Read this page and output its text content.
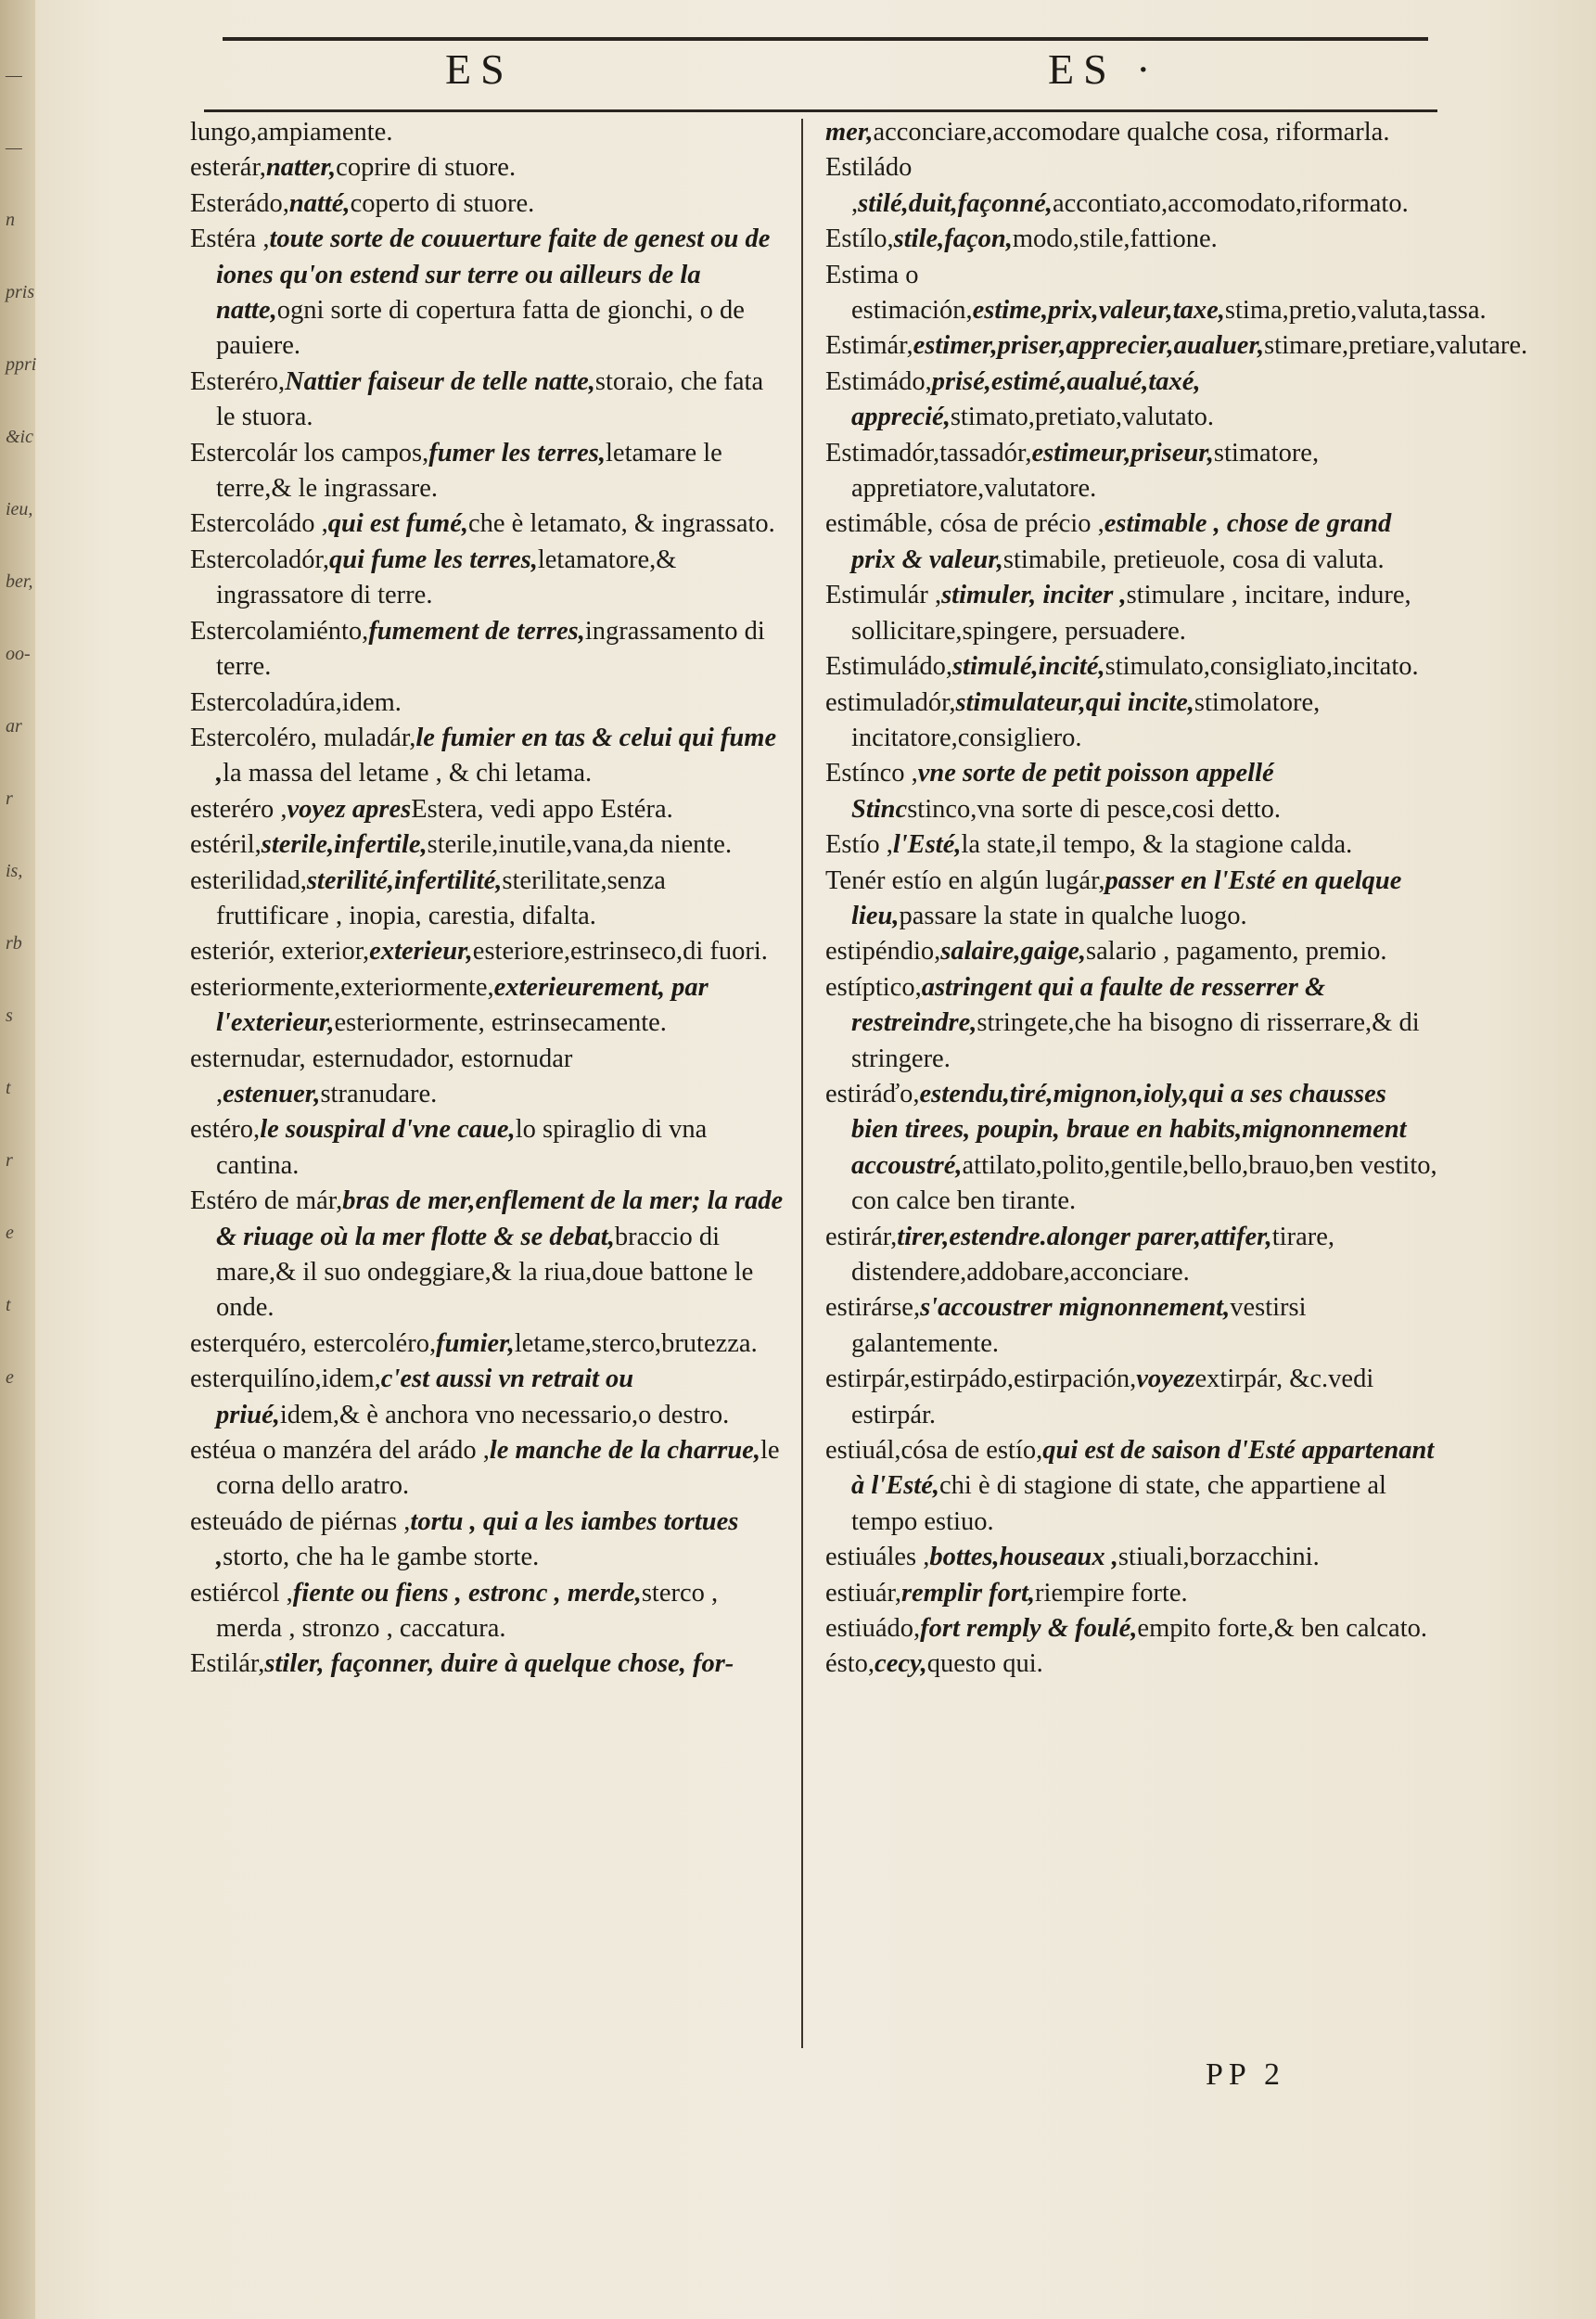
—
—
n
pris
ppri
&ic
ieu,
ber,
oo-
ar
r
is,
rb
s
t
r
e
t
e
ES	ES ·

lungo,ampiamente.

esterár,natter,coprire di stuore.

Esterádo,natté,coperto di stuore.

Estéra ,toute sorte de couuerture faite de genest ou de iones qu'on estend sur terre ou ailleurs de la natte,ogni sorte di copertura fatta de gionchi, o de pauiere.

Esteréro,Nattier faiseur de telle natte,storaio, che fata le stuora.

Estercolár los campos,fumer les terres,letamare le terre,& le ingrassare.

Estercoládo ,qui est fumé,che è letamato, & ingrassato.

Estercoladór,qui fume les terres,letamatore,& ingrassatore di terre.

Estercolamiénto,fumement de terres,ingrassamento di terre.

Estercoladúra,idem.

Estercoléro, muladár,le fumier en tas & celui qui fume ,la massa del letame , & chi letama.

esteréro ,voyez apresEstera, vedi appo Estéra.

estéril,sterile,infertile,sterile,inutile,vana,da niente.

esterilidad,sterilité,infertilité,sterilitate,senza fruttificare , inopia, carestia, difalta.

esteriór, exterior,exterieur,esteriore,estrinseco,di fuori.

esteriormente,exteriormente,exterieurement, par l'exterieur,esteriormente, estrinsecamente.

esternudar, esternudador, estornudar ,estenuer,stranudare.

estéro,le souspiral d'vne caue,lo spiraglio di vna cantina.

Estéro de már,bras de mer,enflement de la mer; la rade & riuage où la mer flotte & se debat,braccio di mare,& il suo ondeggiare,& la riua,doue battone le onde.

esterquéro, estercoléro,fumier,letame,sterco,brutezza.

esterquilíno,idem,c'est aussi vn retrait ou priué,idem,& è anchora vno necessario,o destro.

estéua o manzéra del arádo ,le manche de la charrue,le corna dello aratro.

esteuádo de piérnas ,tortu , qui a les iambes tortues ,storto, che ha le gambe storte.

estiércol ,fiente ou fiens , estronc , merde,sterco , merda , stronzo , caccatura.

Estilár,stiler, façonner, duire à quelque chose, for-

mer,acconciare,accomodare qualche cosa, riformarla.

Estiládo ,stilé,duit,façonné,accontiato,accomodato,riformato.

Estílo,stile,façon,modo,stile,fattione.

Estima o estimación,estime,prix,valeur,taxe,stima,pretio,valuta,tassa.

Estimár,estimer,priser,apprecier,aualuer,stimare,pretiare,valutare.

Estimádo,prisé,estimé,aualué,taxé, apprecié,stimato,pretiato,valutato.

Estimadór,tassadór,estimeur,priseur,stimatore, appretiatore,valutatore.

estimáble, cósa de précio ,estimable , chose de grand prix & valeur,stimabile, pretieuole, cosa di valuta.

Estimulár ,stimuler, inciter ,stimulare , incitare, indure, sollicitare,spingere, persuadere.

Estimuládo,stimulé,incité,stimulato,consigliato,incitato.

estimuladór,stimulateur,qui incite,stimolatore, incitatore,consigliero.

Estínco ,vne sorte de petit poisson appellé Stincstinco,vna sorte di pesce,cosi detto.

Estío ,l'Esté,la state,il tempo, & la stagione calda.

Tenér estío en algún lugár,passer en l'Esté en quelque lieu,passare la state in qualche luogo.

estipéndio,salaire,gaige,salario , pagamento, premio.

estíptico,astringent qui a faulte de resserrer & restreindre,stringete,che ha bisogno di risserrare,& di stringere.

estiráďo,estendu,tiré,mignon,ioly,qui a ses chausses bien tirees, poupin, braue en habits,mignonnement accoustré,attilato,polito,gentile,bello,brauo,ben vestito, con calce ben tirante.

estirár,tirer,estendre.alonger parer,attifer,tirare, distendere,addobare,acconciare.

estirárse,s'accoustrer mignonnement,vestirsi galantemente.

estirpár,estirpádo,estirpación,voyezextirpár, &c.vedi estirpár.

estiuál,cósa de estío,qui est de saison d'Esté appartenant à l'Esté,chi è di stagione di state, che appartiene al tempo estiuo.

estiuáles ,bottes,houseaux ,stiuali,borzacchini.

estiuár,remplir fort,riempire forte.

estiuádo,fort remply & foulé,empito forte,& ben calcato.

ésto,cecy,questo qui.

PP 2
